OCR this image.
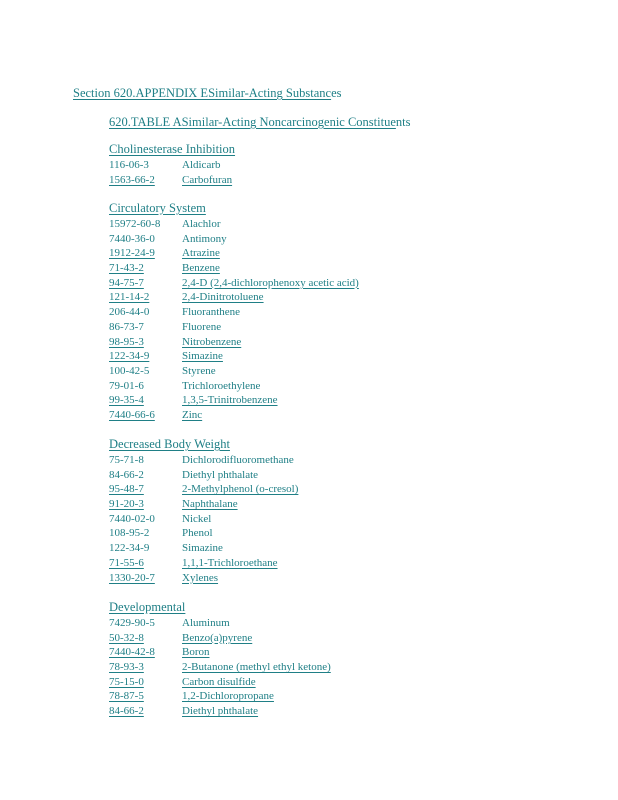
Section 620.APPENDIX ESimilar-Acting Substances
620.TABLE ASimilar-Acting Noncarcinogenic Constituents
Cholinesterase Inhibition
116-06-3	Aldicarb
1563-66-2 Carbofuran
Circulatory System
15972-60-8 Alachlor
7440-36-0 Antimony
1912-24-9 Atrazine
71-43-2	Benzene
94-75-7	2,4-D (2,4-dichlorophenoxy acetic acid)
121-14-2	2,4-Dinitrotoluene
206-44-0	Fluoranthene
86-73-7	Fluorene
98-95-3	Nitrobenzene
122-34-9	Simazine
100-42-5	Styrene
79-01-6	Trichloroethylene
99-35-4	1,3,5-Trinitrobenzene
7440-66-6 Zinc
Decreased Body Weight
75-71-8	Dichlorodifluoromethane
84-66-2	Diethyl phthalate
95-48-7	2-Methylphenol (o-cresol)
91-20-3	Naphthalane
7440-02-0 Nickel
108-95-2	Phenol
122-34-9	Simazine
71-55-6	1,1,1-Trichloroethane
1330-20-7 Xylenes
Developmental
7429-90-5 Aluminum
50-32-8	Benzo(a)pyrene
7440-42-8 Boron
78-93-3	2-Butanone (methyl ethyl ketone)
75-15-0	Carbon disulfide
78-87-5	1,2-Dichloropropane
84-66-2	Diethyl phthalate
